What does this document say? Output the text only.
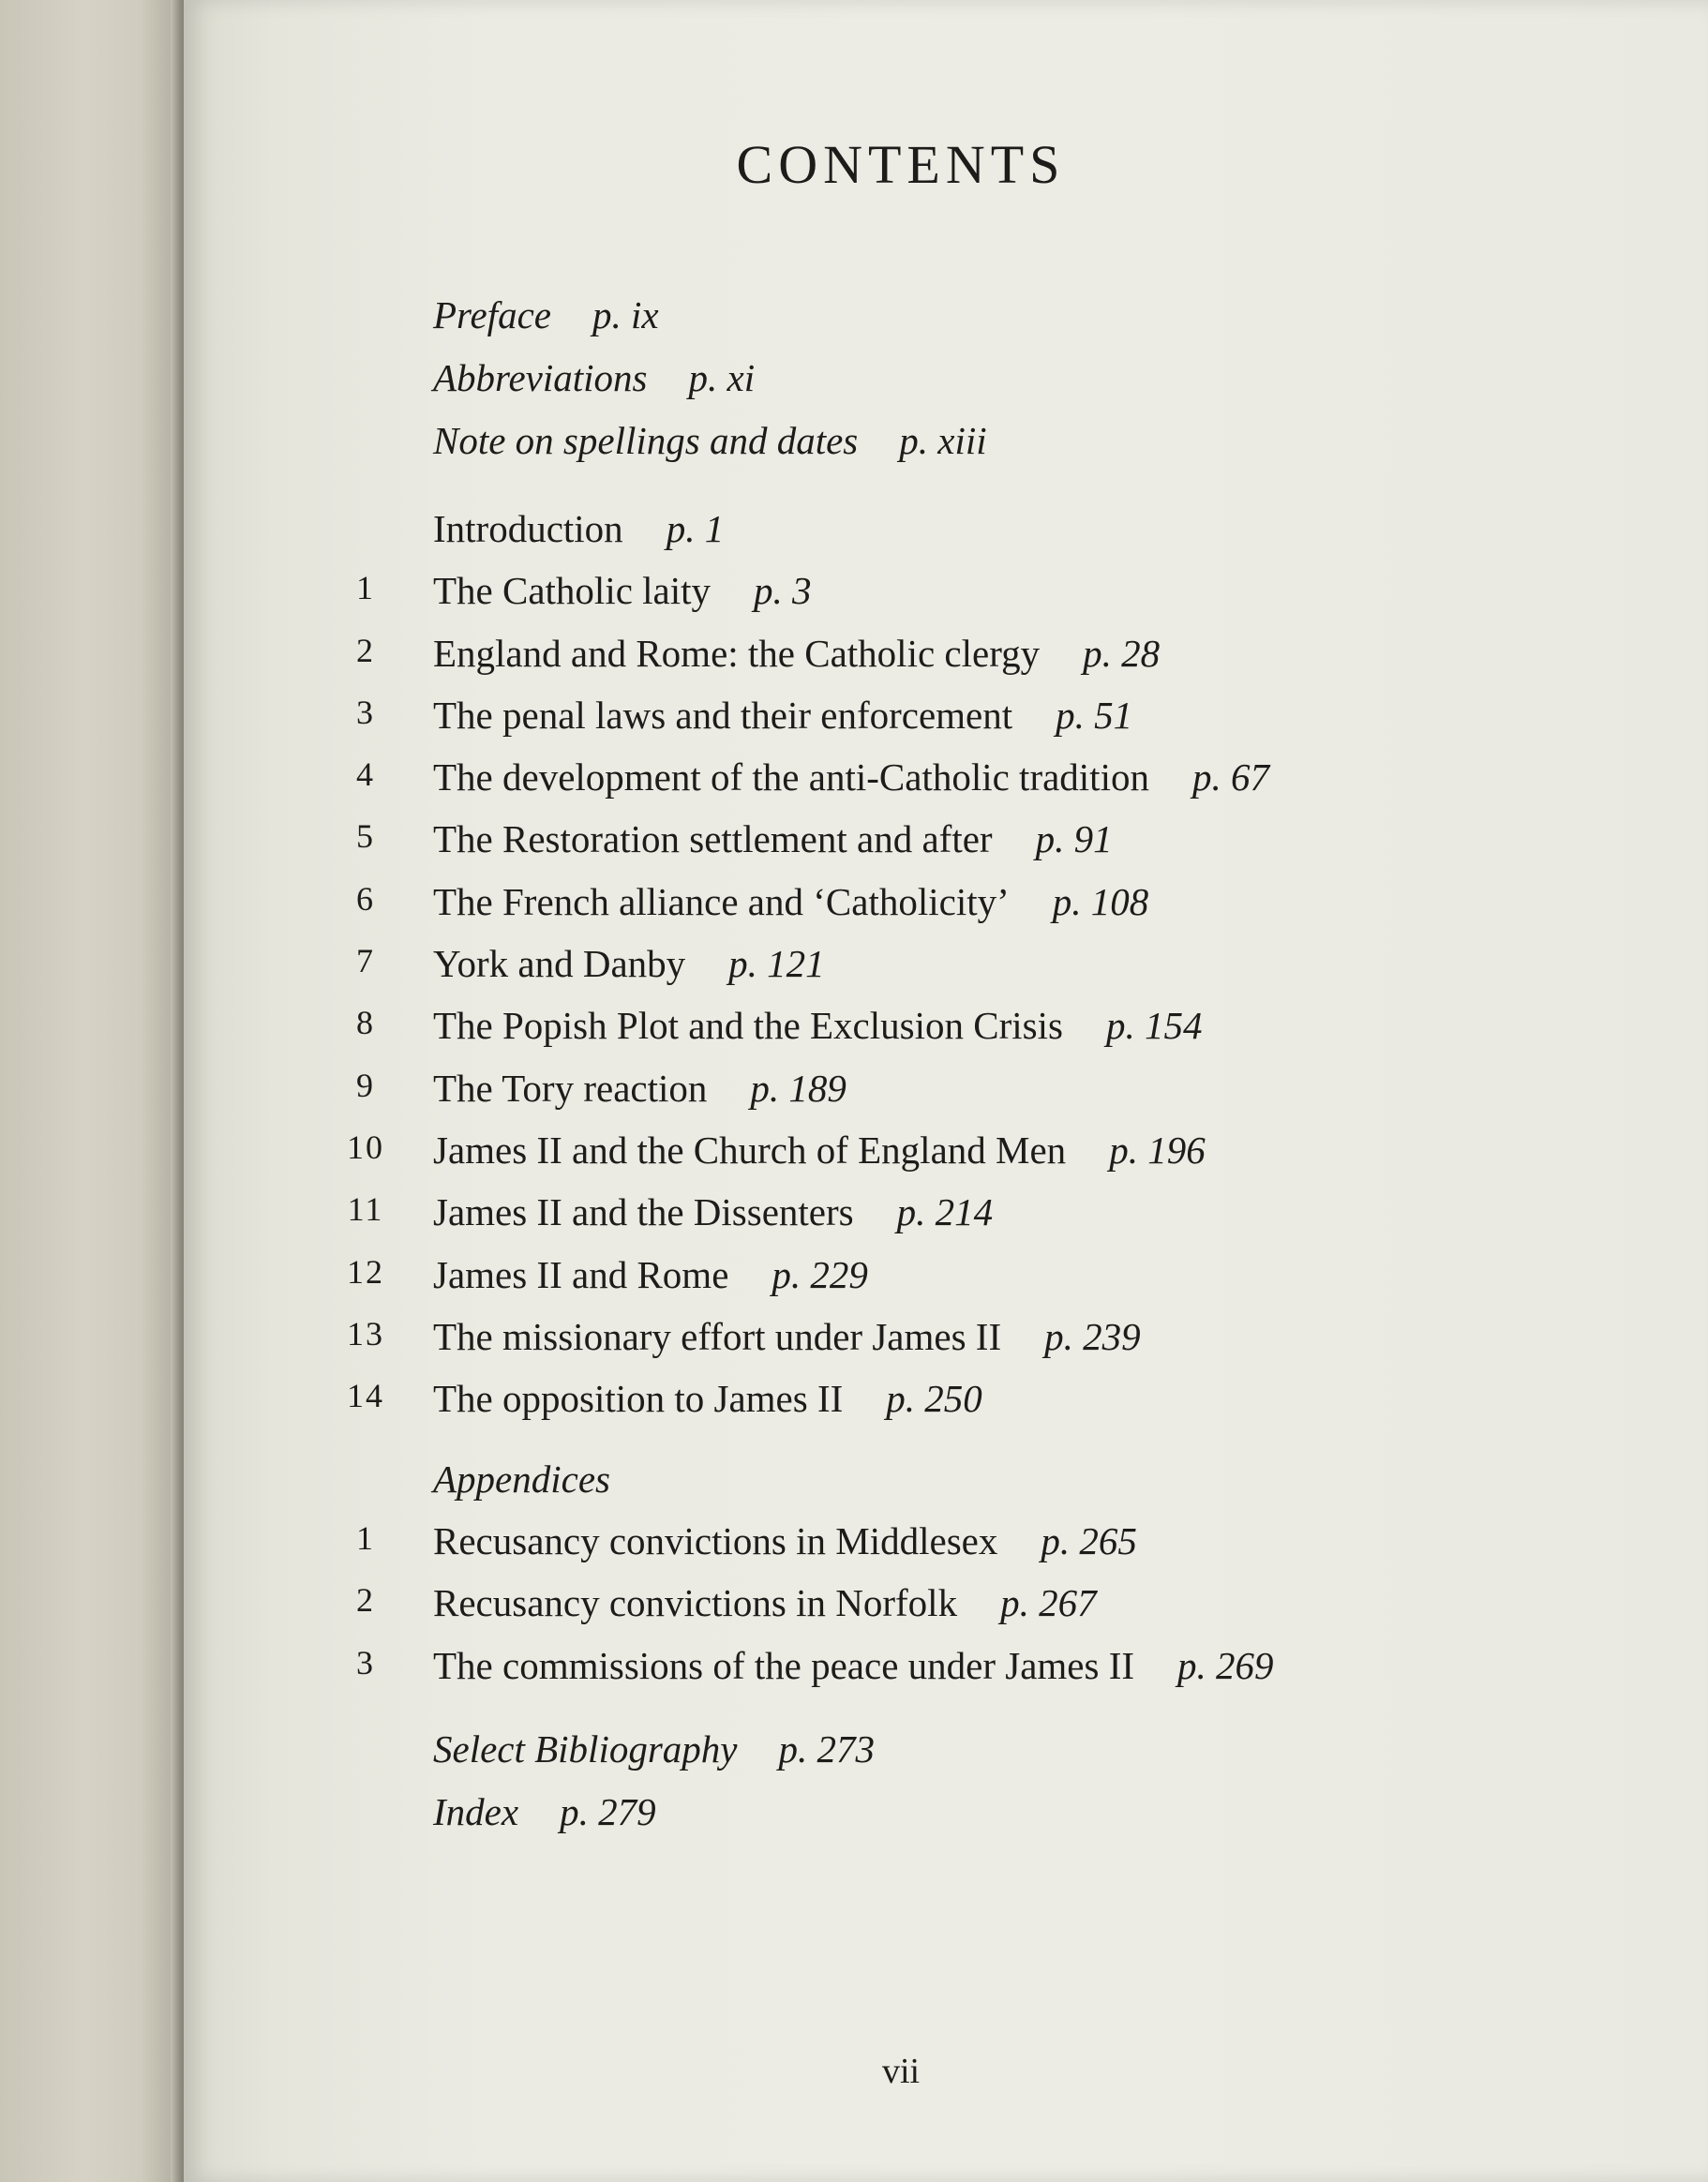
CONTENTS
Preface p. ix
Abbreviations p. xi
Note on spellings and dates p. xiii
Introduction p. 1
1	The Catholic laity p. 3
2	England and Rome: the Catholic clergy p. 28
3	The penal laws and their enforcement p. 51
4	The development of the anti-Catholic tradition p. 67
5	The Restoration settlement and after p. 91
6	The French alliance and ‘Catholicity’ p. 108
7	York and Danby p. 121
8	The Popish Plot and the Exclusion Crisis p. 154
9	The Tory reaction p. 189
10	James II and the Church of England Men p. 196
11	James II and the Dissenters p. 214
12	James II and Rome p. 229
13	The missionary effort under James II p. 239
14	The opposition to James II p. 250
Appendices
1	Recusancy convictions in Middlesex p. 265
2	Recusancy convictions in Norfolk p. 267
3	The commissions of the peace under James II p. 269
Select Bibliography p. 273
Index p. 279
vii
